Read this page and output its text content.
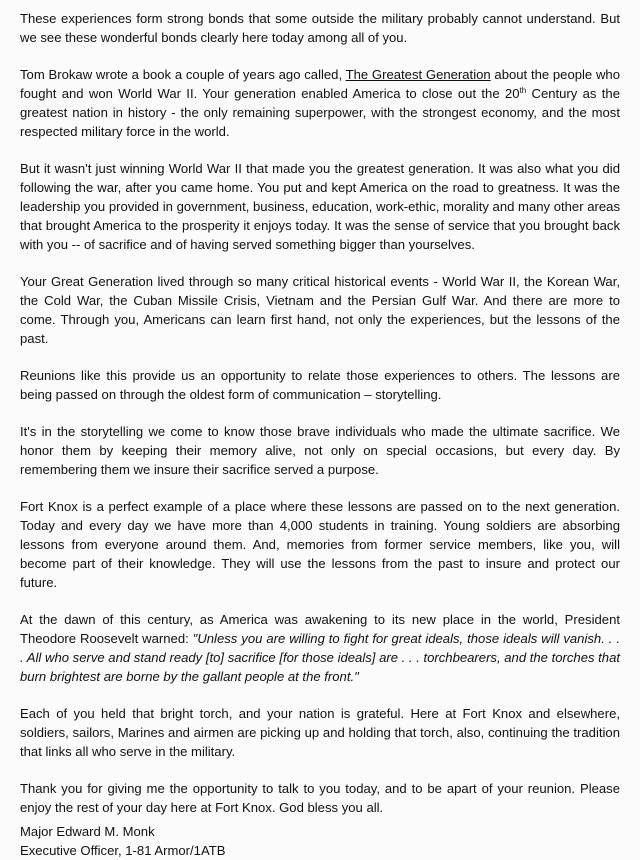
These experiences form strong bonds that some outside the military probably cannot understand. But we see these wonderful bonds clearly here today among all of you.

Tom Brokaw wrote a book a couple of years ago called, The Greatest Generation about the people who fought and won World War II. Your generation enabled America to close out the 20th Century as the greatest nation in history - the only remaining superpower, with the strongest economy, and the most respected military force in the world.

But it wasn't just winning World War II that made you the greatest generation. It was also what you did following the war, after you came home. You put and kept America on the road to greatness. It was the leadership you provided in government, business, education, work-ethic, morality and many other areas that brought America to the prosperity it enjoys today. It was the sense of service that you brought back with you -- of sacrifice and of having served something bigger than yourselves.

Your Great Generation lived through so many critical historical events - World War II, the Korean War, the Cold War, the Cuban Missile Crisis, Vietnam and the Persian Gulf War. And there are more to come. Through you, Americans can learn first hand, not only the experiences, but the lessons of the past.

Reunions like this provide us an opportunity to relate those experiences to others. The lessons are being passed on through the oldest form of communication – storytelling.

It's in the storytelling we come to know those brave individuals who made the ultimate sacrifice. We honor them by keeping their memory alive, not only on special occasions, but every day. By remembering them we insure their sacrifice served a purpose.

Fort Knox is a perfect example of a place where these lessons are passed on to the next generation. Today and every day we have more than 4,000 students in training. Young soldiers are absorbing lessons from everyone around them. And, memories from former service members, like you, will become part of their knowledge. They will use the lessons from the past to insure and protect our future.

At the dawn of this century, as America was awakening to its new place in the world, President Theodore Roosevelt warned: "Unless you are willing to fight for great ideals, those ideals will vanish. . . . All who serve and stand ready [to] sacrifice [for those ideals] are . . . torchbearers, and the torches that burn brightest are borne by the gallant people at the front."

Each of you held that bright torch, and your nation is grateful. Here at Fort Knox and elsewhere, soldiers, sailors, Marines and airmen are picking up and holding that torch, also, continuing the tradition that links all who serve in the military.

Thank you for giving me the opportunity to talk to you today, and to be apart of your reunion. Please enjoy the rest of your day here at Fort Knox. God bless you all.

Major Edward M. Monk

Executive Officer, 1-81 Armor/1ATB
